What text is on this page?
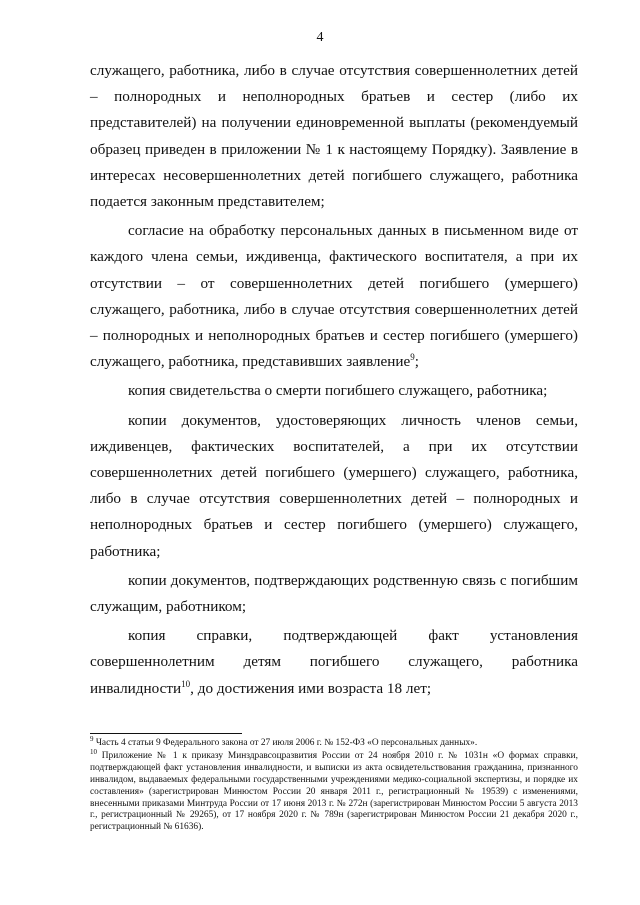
4

служащего, работника, либо в случае отсутствия совершеннолетних детей – полнородных и неполнородных братьев и сестер (либо их представителей) на получении единовременной выплаты (рекомендуемый образец приведен в приложении № 1 к настоящему Порядку). Заявление в интересах несовершеннолетних детей погибшего служащего, работника подается законным представителем;

согласие на обработку персональных данных в письменном виде от каждого члена семьи, иждивенца, фактического воспитателя, а при их отсутствии – от совершеннолетних детей погибшего (умершего) служащего, работника, либо в случае отсутствия совершеннолетних детей – полнородных и неполнородных братьев и сестер погибшего (умершего) служащего, работника, представивших заявление$^9$;

копия свидетельства о смерти погибшего служащего, работника;

копии документов, удостоверяющих личность членов семьи, иждивенцев, фактических воспитателей, а при их отсутствии совершеннолетних детей погибшего (умершего) служащего, работника, либо в случае отсутствия совершеннолетних детей – полнородных и неполнородных братьев и сестер погибшего (умершего) служащего, работника;

копии документов, подтверждающих родственную связь с погибшим служащим, работником;

копия справки, подтверждающей факт установления совершеннолетним детям погибшего служащего, работника инвалидности$^{10}$, до достижения ими возраста 18 лет;

$^9$ Часть 4 статьи 9 Федерального закона от 27 июля 2006 г. № 152-ФЗ «О персональных данных».

$^{10}$ Приложение № 1 к приказу Минздравсоцразвития России от 24 ноября 2010 г. № 1031н «О формах справки, подтверждающей факт установления инвалидности, и выписки из акта освидетельствования гражданина, признанного инвалидом, выдаваемых федеральными государственными учреждениями медико-социальной экспертизы, и порядке их составления» (зарегистрирован Минюстом России 20 января 2011 г., регистрационный № 19539) с изменениями, внесенными приказами Минтруда России от 17 июня 2013 г. № 272н (зарегистрирован Минюстом России 5 августа 2013 г., регистрационный № 29265), от 17 ноября 2020 г. № 789н (зарегистрирован Минюстом России 21 декабря 2020 г., регистрационный № 61636).
